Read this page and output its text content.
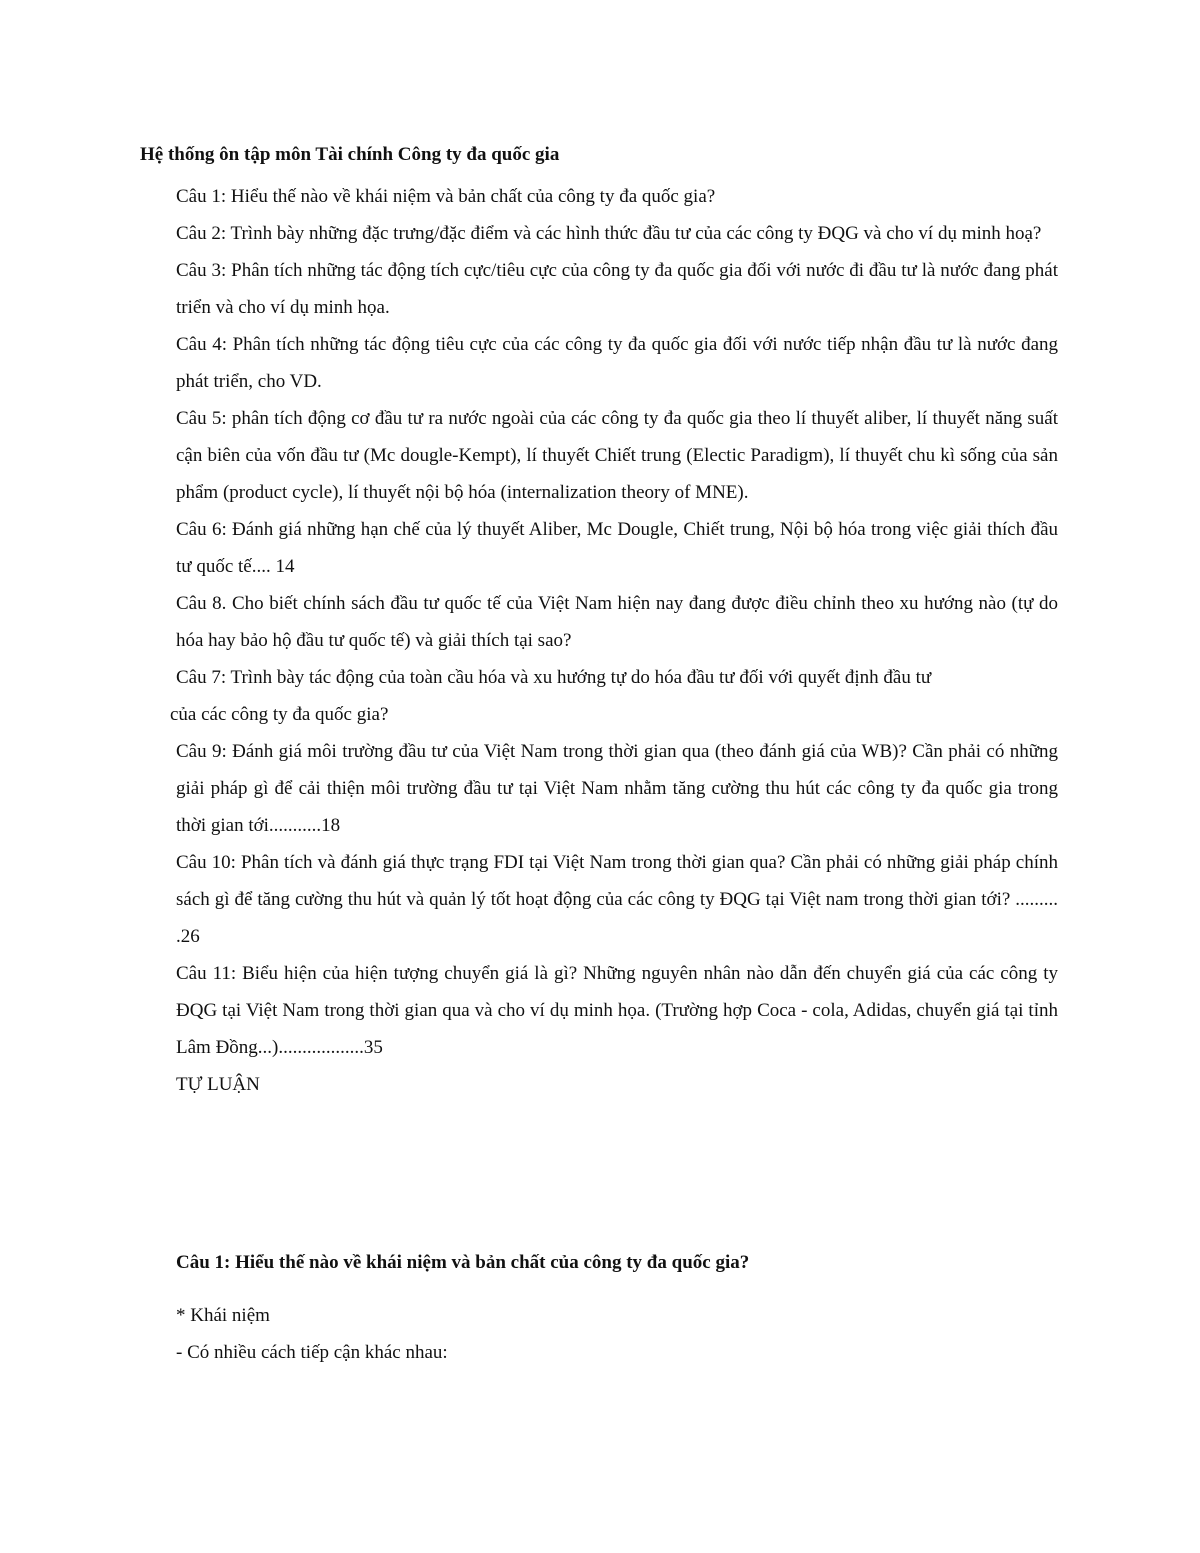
Hệ thống ôn tập môn Tài chính Công ty đa quốc gia

Câu 1: Hiểu thế nào về khái niệm và bản chất của công ty đa quốc gia?

Câu 2: Trình bày những đặc trưng/đặc điểm và các hình thức đầu tư của các công ty ĐQG và cho ví dụ minh hoạ?

Câu 3: Phân tích những tác động tích cực/tiêu cực của công ty đa quốc gia đối với nước đi đầu tư là nước đang phát triển và cho ví dụ minh họa.

Câu 4: Phân tích những tác động tiêu cực của các công ty đa quốc gia đối với nước tiếp nhận đầu tư là nước đang phát triển, cho VD.

Câu 5: phân tích động cơ đầu tư ra nước ngoài của các công ty đa quốc gia theo lí thuyết aliber, lí thuyết năng suất cận biên của vốn đầu tư (Mc dougle-Kempt), lí thuyết Chiết trung (Electic Paradigm), lí thuyết chu kì sống của sản phẩm (product cycle), lí thuyết nội bộ hóa (internalization theory of MNE).

Câu 6: Đánh giá những hạn chế của lý thuyết Aliber, Mc Dougle, Chiết trung, Nội bộ hóa trong việc giải thích đầu tư quốc tế.... 14

Câu 8. Cho biết chính sách đầu tư quốc tế của Việt Nam hiện nay đang được điều chỉnh theo xu hướng nào (tự do hóa hay bảo hộ đầu tư quốc tế) và giải thích tại sao?

Câu 7: Trình bày tác động của toàn cầu hóa và xu hướng tự do hóa đầu tư đối với quyết định đầu tư

của các công ty đa quốc gia?

Câu 9: Đánh giá môi trường đầu tư của Việt Nam trong thời gian qua (theo đánh giá của WB)? Cần phải có những giải pháp gì để cải thiện môi trường đầu tư tại Việt Nam nhằm tăng cường thu hút các công ty đa quốc gia trong thời gian tới...........18

Câu 10: Phân tích và đánh giá thực trạng FDI tại Việt Nam trong thời gian qua? Cần phải có những giải pháp chính sách gì để tăng cường thu hút và quản lý tốt hoạt động của các công ty ĐQG tại Việt nam trong thời gian tới? ......... .26

Câu 11: Biểu hiện của hiện tượng chuyển giá là gì? Những nguyên nhân nào dẫn đến chuyển giá của các công ty ĐQG tại Việt Nam trong thời gian qua và cho ví dụ minh họa. (Trường hợp Coca - cola, Adidas, chuyển giá tại tỉnh Lâm Đồng...)..................35

TỰ LUẬN

Câu 1: Hiểu thế nào về khái niệm và bản chất của công ty đa quốc gia?

* Khái niệm

- Có nhiều cách tiếp cận khác nhau:
